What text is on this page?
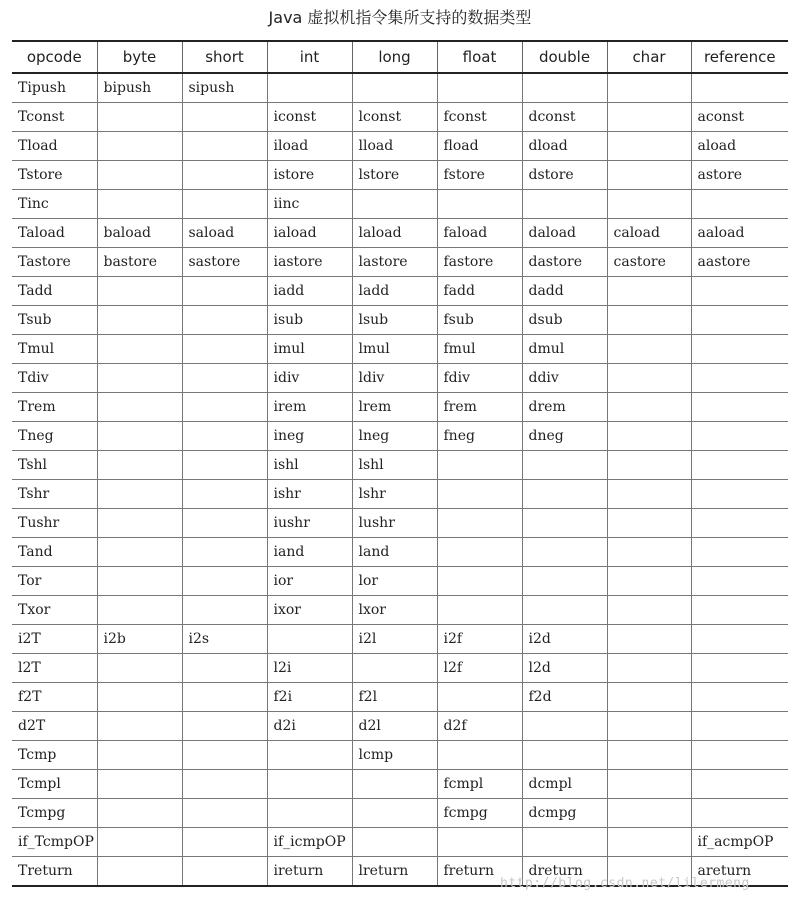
Java 虚拟机指令集所支持的数据类型
opcode	byte	short	int	long	float	double	char	reference
Tipush	bipush	sipush						
Tconst			iconst	lconst	fconst	dconst		aconst
Tload			iload	lload	fload	dload		aload
Tstore			istore	lstore	fstore	dstore		astore
Tinc			iinc					
Taload	baload	saload	iaload	laload	faload	daload	caload	aaload
Tastore	bastore	sastore	iastore	lastore	fastore	dastore	castore	aastore
Tadd			iadd	ladd	fadd	dadd		
Tsub			isub	lsub	fsub	dsub		
Tmul			imul	lmul	fmul	dmul		
Tdiv			idiv	ldiv	fdiv	ddiv		
Trem			irem	lrem	frem	drem		
Tneg			ineg	lneg	fneg	dneg		
Tshl			ishl	lshl				
Tshr			ishr	lshr				
Tushr			iushr	lushr				
Tand			iand	land				
Tor			ior	lor				
Txor			ixor	lxor				
i2T	i2b	i2s		i2l	i2f	i2d		
l2T			l2i		l2f	l2d		
f2T			f2i	f2l		f2d		
d2T			d2i	d2l	d2f			
Tcmp				lcmp				
Tcmpl					fcmpl	dcmpl		
Tcmpg					fcmpg	dcmpg		
if_TcmpOP			if_icmpOP					if_acmpOP
Treturn			ireturn	lreturn	freturn	dreturn		areturn
http://blog.csdn.net/lilermeng
